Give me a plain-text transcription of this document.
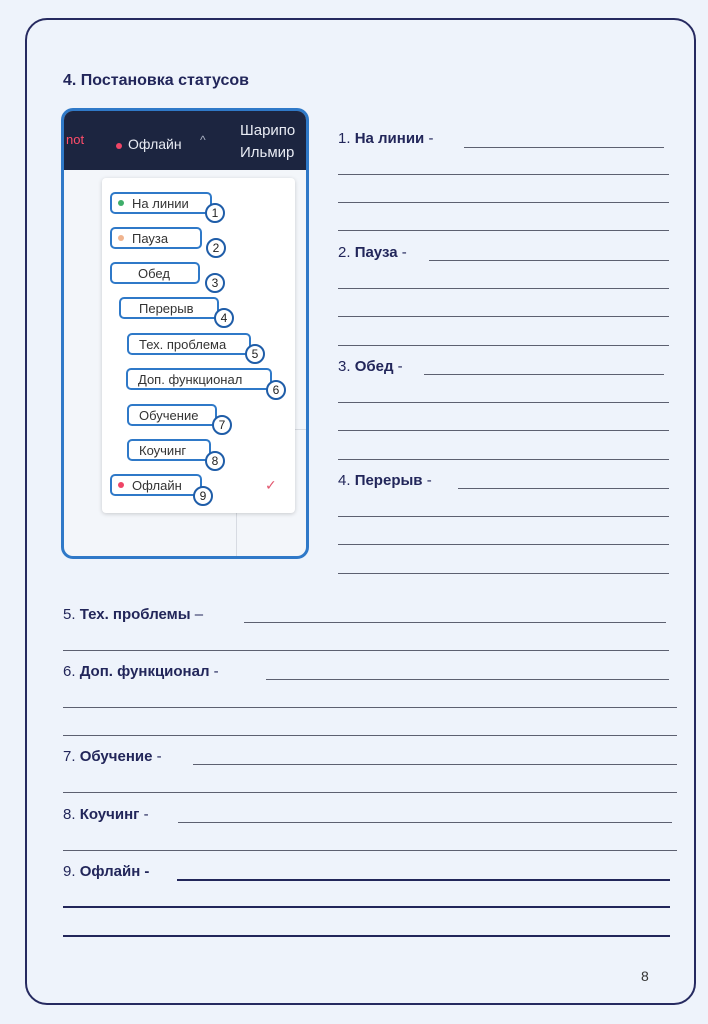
4. Постановка статусов
not	Офлайн ^
Шарипо
Ильмир
На линии
1
Пауза
2
Обед
3
Перерыв
4
Тех. проблема
5
Доп. функционал
6
Обучение
7
Коучинг
8
Офлайн
9
✓
1. На линии -
2. Пауза -
3. Обед -
4. Перерыв -
5. Тех. проблемы –
6. Доп. функционал -
7. Обучение -
8. Коучинг -
9. Офлайн -
8
